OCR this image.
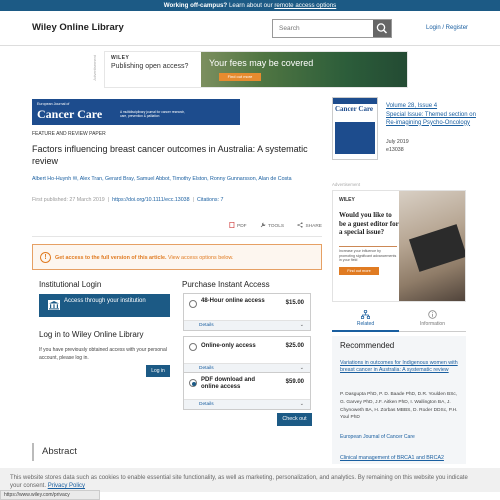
Working off-campus? Learn about our remote access options
Wiley Online Library
Search	Login / Register
Advertisement	WILEY
Publishing open access?	Your fees may be covered
Find out more
European Journal of
Cancer Care	A multidisciplinary journal for cancer research, care, prevention & palliation
FEATURE AND REVIEW PAPER
Factors influencing breast cancer outcomes in Australia: A systematic review
Albert Ho-Huynh ✉, Alex Tran, Gerard Bray, Samuel Abbot, Timothy Elston, Ronny Gunnarsson, Alan de Costa
First published: 27 March 2019 | https://doi.org/10.1111/ecc.13038 | Citations: 7
PDF	TOOLS	SHARE
!	Get access to the full version of this article. View access options below.
Institutional Login
Access through your institution
Log in to Wiley Online Library
If you have previously obtained access with your personal account, please log in.
Log in
Purchase Instant Access
48-Hour online access	$15.00
Details	⌄
Online-only access	$25.00
Details	⌄
PDF download and online access
$59.00
Details	⌄
Check out
Abstract
Cancer Care	Volume 28, Issue 4
Special Issue: Themed section on Re-imagining Psycho-Oncology
July 2019
e13038
Advertisement
WILEY
Would you like to be a guest editor for a special issue?
Increase your influence by promoting significant advancements in your field
Find out more
Related	Information
Recommended
Variations in outcomes for Indigenous women with breast cancer in Australia: A systematic review
P. Dasgupta PhD, P. D. Baade PhD, D.R. Youlden BSc, G. Garvey PhD, J.F. Aitken PhD, I. Wallington BA, J. Chynoweth BA, H. Zorbas MBBS, D. Roder DDSc, P.H. Youl PhD
European Journal of Cancer Care
Clinical management of BRCA1 and BRCA2
This website stores data such as cookies to enable essential site functionality, as well as marketing, personalization, and analytics. By remaining on this website you indicate your consent. Privacy Policy
https://www.wiley.com/privacy
